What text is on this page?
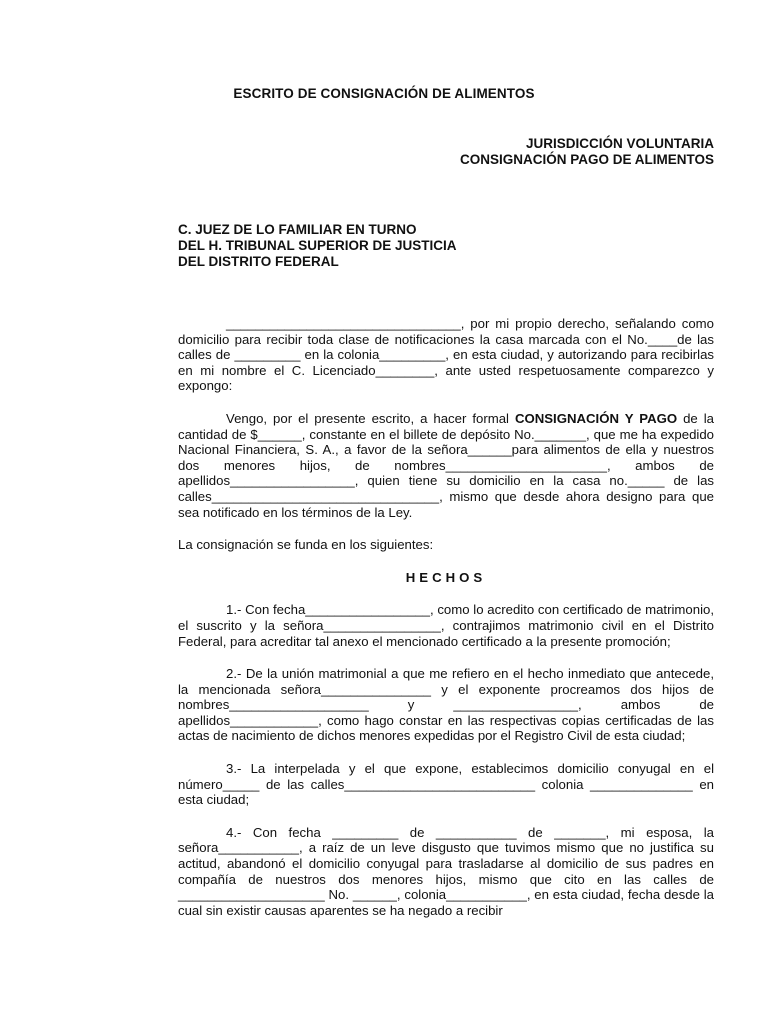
ESCRITO DE CONSIGNACIÓN DE ALIMENTOS
JURISDICCIÓN VOLUNTARIA
CONSIGNACIÓN PAGO DE ALIMENTOS
C. JUEZ DE LO FAMILIAR EN TURNO
DEL H. TRIBUNAL SUPERIOR DE JUSTICIA
DEL DISTRITO FEDERAL

________________________________, por mi propio derecho, señalando como domicilio para recibir toda clase de notificaciones la casa marcada con el No.____de las calles de _________ en la colonia_________, en esta ciudad, y autorizando para recibirlas en mi nombre el C. Licenciado________, ante usted respetuosamente comparezco y expongo:

Vengo, por el presente escrito, a hacer formal CONSIGNACIÓN Y PAGO de la cantidad de $______, constante en el billete de depósito No._______, que me ha expedido Nacional Financiera, S. A., a favor de la señora______para alimentos de ella y nuestros dos menores hijos, de nombres______________________, ambos de apellidos_________________, quien tiene su domicilio en la casa no._____ de las calles_______________________________, mismo que desde ahora designo para que sea notificado en los términos de la Ley.

La consignación se funda en los siguientes:

HECHOS

1.- Con fecha_________________, como lo acredito con certificado de matrimonio, el suscrito y la señora________________, contrajimos matrimonio civil en el Distrito Federal, para acreditar tal anexo el mencionado certificado a la presente promoción;

2.- De la unión matrimonial a que me refiero en el hecho inmediato que antecede, la mencionada señora_______________ y el exponente procreamos dos hijos de nombres___________________ y _________________, ambos de apellidos____________, como hago constar en las respectivas copias certificadas de las actas de nacimiento de dichos menores expedidas por el Registro Civil de esta ciudad;

3.- La interpelada y el que expone, establecimos domicilio conyugal en el número_____ de las calles__________________________ colonia ______________ en esta ciudad;

4.- Con fecha _________ de ___________ de _______, mi esposa, la señora___________, a raíz de un leve disgusto que tuvimos mismo que no justifica su actitud, abandonó el domicilio conyugal para trasladarse al domicilio de sus padres en compañía de nuestros dos menores hijos, mismo que cito en las calles de ____________________ No. ______, colonia___________, en esta ciudad, fecha desde la cual sin existir causas aparentes se ha negado a recibir
